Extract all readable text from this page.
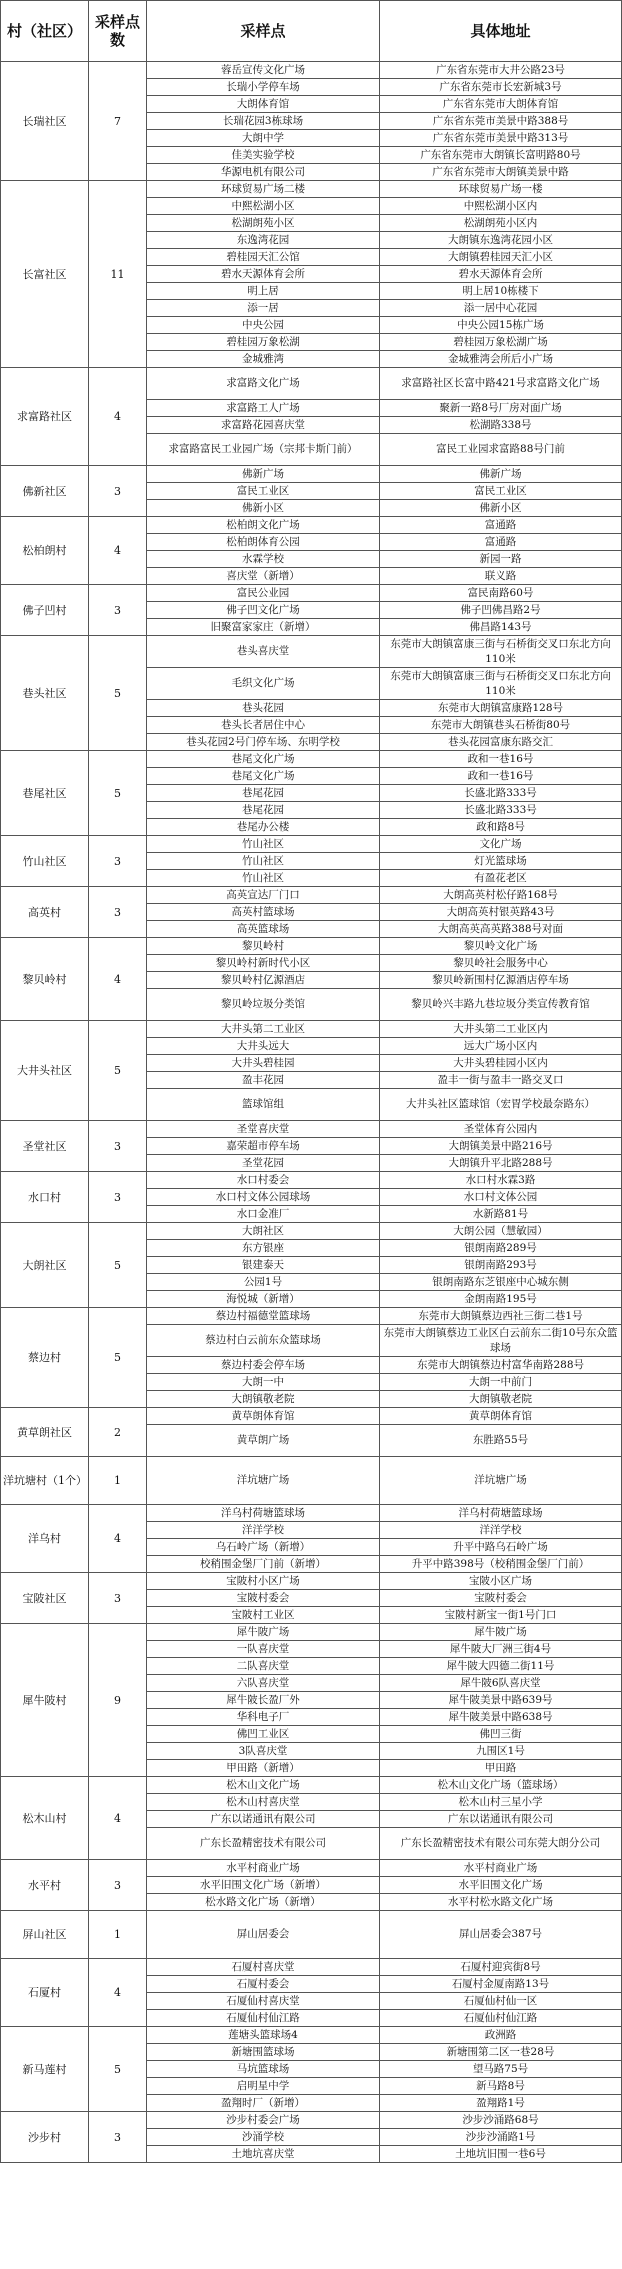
村（社区）	采样点数	采样点	具体地址
长瑞社区	7	蓉岳宣传文化广场	广东省东莞市大井公路23号
		长瑞小学停车场	广东省东莞市长宏新城3号
		大朗体育馆	广东省东莞市大朗体育馆
		长瑞花园3栋球场	广东省东莞市美景中路388号
		大朗中学	广东省东莞市美景中路313号
		佳美实验学校	广东省东莞市大朗镇长富明路80号
		华源电机有限公司	广东省东莞市大朗镇美景中路
长富社区	11	环球贸易广场二楼	环球贸易广场一楼
		中熙松湖小区	中熙松湖小区内
		松湖朗苑小区	松湖朗苑小区内
		东逸湾花园	大朗镇东逸湾花园小区
		碧桂园天汇公馆	大朗镇碧桂园天汇小区
		碧水天源体育会所	碧水天源体育会所
		明上居	明上居10栋楼下
		添一居	添一居中心花园
		中央公园	中央公园15栋广场
		碧桂园万象松湖	碧桂园万象松湖广场
		金城雅湾	金城雅湾会所后小广场
求富路社区	4	求富路文化广场	求富路社区长富中路421号求富路文化广场
		求富路工人广场	聚新一路8号厂房对面广场
		求富路花园喜庆堂	松湖路338号
		求富路富民工业园广场（宗邦卡斯门前）	富民工业园求富路88号门前
佛新社区	3	佛新广场	佛新广场
		富民工业区	富民工业区
		佛新小区	佛新小区
松柏朗村	4	松柏朗文化广场	富通路
		松柏朗体育公园	富通路
		水霖学校	新园一路
		喜庆堂（新增）	联义路
佛子凹村	3	富民公业园	富民南路60号
		佛子凹文化广场	佛子凹佛昌路2号
		旧聚富家家庄（新增）	佛昌路143号
巷头社区	5	巷头喜庆堂	东莞市大朗镇富康三街与石桥街交叉口东北方向110米
		毛织文化广场	东莞市大朗镇富康三街与石桥街交叉口东北方向110米
		巷头花园	东莞市大朗镇富康路128号
		巷头长者居住中心	东莞市大朗镇巷头石桥街80号
		巷头花园2号门停车场、东明学校	巷头花园富康东路交汇
巷尾社区	5	巷尾文化广场	政和一巷16号
		巷尾文化广场	政和一巷16号
		巷尾花园	长盛北路333号
		巷尾花园	长盛北路333号
		巷尾办公楼	政和路8号
竹山社区	3	竹山社区	文化广场
		竹山社区	灯光篮球场
		竹山社区	有盈花老区
高英村	3	高英宣达厂门口	大朗高英村松仔路168号
		高英村篮球场	大朗高英村银英路43号
		高英篮球场	大朗高英高英路388号对面
黎贝岭村	4	黎贝岭村	黎贝岭文化广场
		黎贝岭村新时代小区	黎贝岭社会服务中心
		黎贝岭村亿源酒店	黎贝岭新围村亿源酒店停车场
		黎贝岭垃圾分类馆	黎贝岭兴丰路九巷垃圾分类宣传教育馆
大井头社区	5	大井头第二工业区	大井头第二工业区内
		大井头远大	远大广场小区内
		大井头碧桂园	大井头碧桂园小区内
		盈丰花园	盈丰一街与盈丰一路交叉口
		篮球馆组	大井头社区篮球馆（宏胃学校最奈路东）
圣堂社区	3	圣堂喜庆堂	圣堂体育公园内
		嘉荣超市停车场	大朗镇美景中路216号
		圣堂花园	大朗镇升平北路288号
水口村	3	水口村委会	水口村水霖3路
		水口村文体公园球场	水口村文体公园
		水口金准厂	水新路81号
大朗社区	5	大朗社区	大朗公园（慧敏园）
		东方银座	银朗南路289号
		银建泰天	银朗南路293号
		公园1号	银朗南路东芝银座中心城东侧
		海悦城（新增）	金朗南路195号
蔡边村	5	蔡边村福德堂篮球场	东莞市大朗镇蔡边西社三街二巷1号
		蔡边村白云前东众篮球场	东莞市大朗镇蔡边工业区白云前东二街10号东众篮球场
		蔡边村委会停车场	东莞市大朗镇蔡边村富华南路288号
		大朗一中	大朗一中前门
		大朗镇敬老院	大朗镇敬老院
黄草朗社区	2	黄草朗体育馆	黄草朗体育馆
		黄草朗广场	东胜路55号
洋坑塘村（1个）	1	洋坑塘广场	洋坑塘广场
洋乌村	4	洋乌村荷塘篮球场	洋乌村荷塘篮球场
		洋洋学校	洋洋学校
		乌石岭广场（新增）	升平中路乌石岭广场
		校稍围金堡厂门前（新增）	升平中路398号（校稍围金堡厂门前）
宝陂社区	3	宝陂村小区广场	宝陂小区广场
		宝陂村委会	宝陂村委会
		宝陂村工业区	宝陂村新宝一街1号门口
犀牛陂村	9	犀牛陂广场	犀牛陂广场
		一队喜庆堂	犀牛陂大厂洲三街4号
		二队喜庆堂	犀牛陂大四德二街11号
		六队喜庆堂	犀牛陂6队喜庆堂
		犀牛陂长盈厂外	犀牛陂美景中路639号
		华科电子厂	犀牛陂美景中路638号
		佛凹工业区	佛凹三街
		3队喜庆堂	九围区1号
		甲田路（新增）	甲田路
松木山村	4	松木山文化广场	松木山文化广场（篮球场）
		松木山村喜庆堂	松木山村三星小学
		广东以诺通讯有限公司	广东以诺通讯有限公司
		广东长盈精密技术有限公司	广东长盈精密技术有限公司东莞大朗分公司
水平村	3	水平村商业广场	水平村商业广场
		水平旧围文化广场（新增）	水平旧围文化广场
		松水路文化广场（新增）	水平村松水路文化广场
屏山社区	1	屏山居委会	屏山居委会387号
石厦村	4	石厦村喜庆堂	石厦村迎宾街8号
		石厦村委会	石厦村金厦南路13号
		石厦仙村喜庆堂	石厦仙村仙一区
		石厦仙村仙江路	石厦仙村仙江路
新马莲村	5	莲塘头篮球场4	政洲路
		新塘围篮球场	新塘围第二区一巷28号
		马坑篮球场	望马路75号
		启明星中学	新马路8号
		盈翔时厂（新增）	盈翔路1号
沙步村	3	沙步村委会广场	沙步沙涌路68号
		沙涌学校	沙步沙涌路1号
		土地坑喜庆堂	土地坑旧围一巷6号
